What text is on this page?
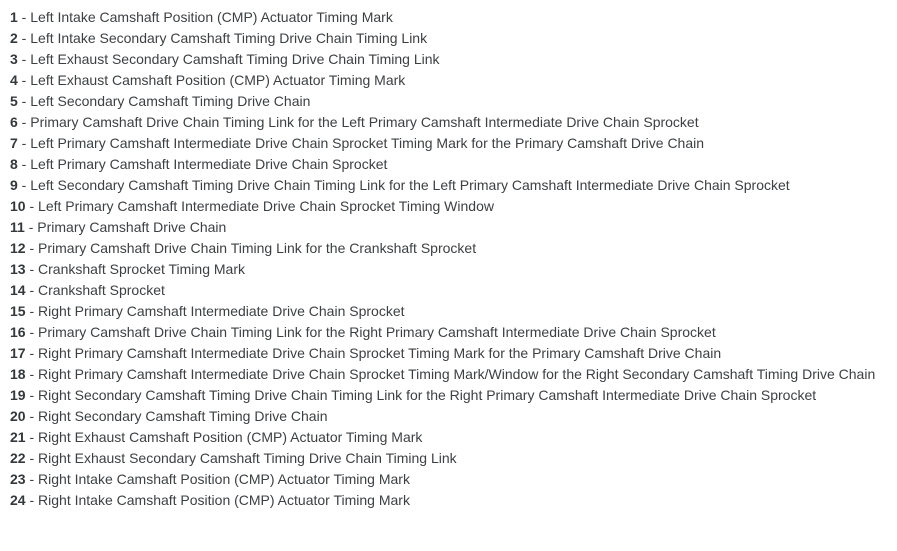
1 - Left Intake Camshaft Position (CMP) Actuator Timing Mark
2 - Left Intake Secondary Camshaft Timing Drive Chain Timing Link
3 - Left Exhaust Secondary Camshaft Timing Drive Chain Timing Link
4 - Left Exhaust Camshaft Position (CMP) Actuator Timing Mark
5 - Left Secondary Camshaft Timing Drive Chain
6 - Primary Camshaft Drive Chain Timing Link for the Left Primary Camshaft Intermediate Drive Chain Sprocket
7 - Left Primary Camshaft Intermediate Drive Chain Sprocket Timing Mark for the Primary Camshaft Drive Chain
8 - Left Primary Camshaft Intermediate Drive Chain Sprocket
9 - Left Secondary Camshaft Timing Drive Chain Timing Link for the Left Primary Camshaft Intermediate Drive Chain Sprocket
10 - Left Primary Camshaft Intermediate Drive Chain Sprocket Timing Window
11 - Primary Camshaft Drive Chain
12 - Primary Camshaft Drive Chain Timing Link for the Crankshaft Sprocket
13 - Crankshaft Sprocket Timing Mark
14 - Crankshaft Sprocket
15 - Right Primary Camshaft Intermediate Drive Chain Sprocket
16 - Primary Camshaft Drive Chain Timing Link for the Right Primary Camshaft Intermediate Drive Chain Sprocket
17 - Right Primary Camshaft Intermediate Drive Chain Sprocket Timing Mark for the Primary Camshaft Drive Chain
18 - Right Primary Camshaft Intermediate Drive Chain Sprocket Timing Mark/Window for the Right Secondary Camshaft Timing Drive Chain
19 - Right Secondary Camshaft Timing Drive Chain Timing Link for the Right Primary Camshaft Intermediate Drive Chain Sprocket
20 - Right Secondary Camshaft Timing Drive Chain
21 - Right Exhaust Camshaft Position (CMP) Actuator Timing Mark
22 - Right Exhaust Secondary Camshaft Timing Drive Chain Timing Link
23 - Right Intake Camshaft Position (CMP) Actuator Timing Mark
24 - Right Intake Camshaft Position (CMP) Actuator Timing Mark
